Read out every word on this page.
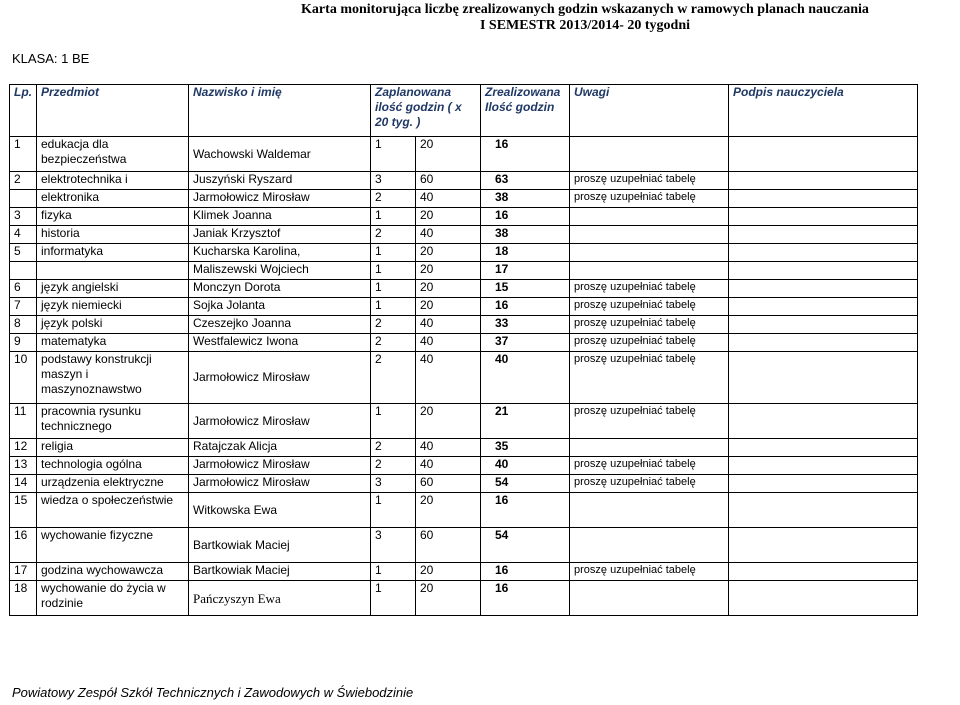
Karta monitorująca liczbę zrealizowanych godzin wskazanych w ramowych planach nauczania
I SEMESTR 2013/2014- 20 tygodni
KLASA: 1 BE
Lp.	Przedmiot	Nazwisko i imię	Zaplanowana ilość godzin ( x 20 tyg. )		Zrealizowana Ilość godzin	Uwagi	Podpis nauczyciela
1	edukacja dla bezpieczeństwa	Wachowski Waldemar	1	20	16		
2	elektrotechnika i	Juszyński Ryszard	3	60	63	proszę uzupełniać tabelę	
	elektronika	Jarmołowicz Mirosław	2	40	38	proszę uzupełniać tabelę	
3	fizyka	Klimek Joanna	1	20	16		
4	historia	Janiak Krzysztof	2	40	38		
5	informatyka	Kucharska Karolina,	1	20	18		
		Maliszewski Wojciech	1	20	17		
6	język angielski	Monczyn Dorota	1	20	15	proszę uzupełniać tabelę	
7	język niemiecki	Sojka Jolanta	1	20	16	proszę uzupełniać tabelę	
8	język polski	Czeszejko Joanna	2	40	33	proszę uzupełniać tabelę	
9	matematyka	Westfalewicz Iwona	2	40	37	proszę uzupełniać tabelę	
10	podstawy konstrukcji maszyn i maszynoznawstwo	Jarmołowicz Mirosław	2	40	40	proszę uzupełniać tabelę	
11	pracownia rysunku technicznego	Jarmołowicz Mirosław	1	20	21	proszę uzupełniać tabelę	
12	religia	Ratajczak Alicja	2	40	35		
13	technologia ogólna	Jarmołowicz Mirosław	2	40	40	proszę uzupełniać tabelę	
14	urządzenia elektryczne	Jarmołowicz Mirosław	3	60	54	proszę uzupełniać tabelę	
15	wiedza o społeczeństwie	Witkowska Ewa	1	20	16		
16	wychowanie fizyczne	Bartkowiak Maciej	3	60	54		
17	godzina wychowawcza	Bartkowiak Maciej	1	20	16	proszę uzupełniać tabelę	
18	wychowanie do życia w rodzinie	Pańczyszyn Ewa	1	20	16		
Powiatowy Zespół Szkół Technicznych i Zawodowych w Świebodzinie
